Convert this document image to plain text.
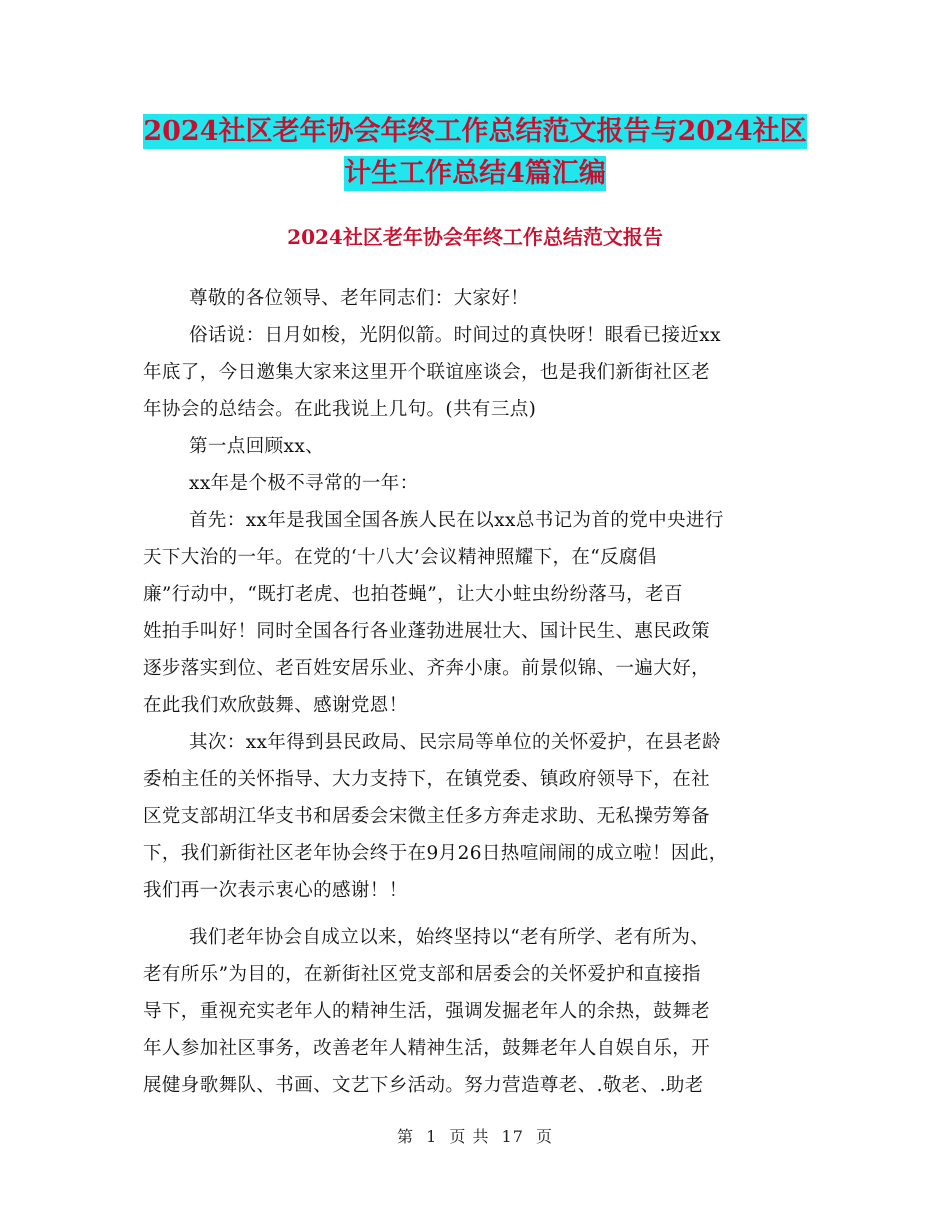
2024社区老年协会年终工作总结范文报告与2024社区
计生工作总结4篇汇编
2024社区老年协会年终工作总结范文报告

尊敬的各位领导、老年同志们：大家好！

俗话说：日月如梭，光阴似箭。时间过的真快呀！眼看已接近xx

年底了，今日邀集大家来这里开个联谊座谈会，也是我们新街社区老

年协会的总结会。在此我说上几句。(共有三点)

第一点回顾xx、

xx年是个极不寻常的一年：

首先：xx年是我国全国各族人民在以xx总书记为首的党中央进行

天下大治的一年。在党的‘十八大’会议精神照耀下，在“反腐倡

廉”行动中，“既打老虎、也拍苍蝇”，让大小蛀虫纷纷落马，老百

姓拍手叫好！同时全国各行各业蓬勃进展壮大、国计民生、惠民政策

逐步落实到位、老百姓安居乐业、齐奔小康。前景似锦、一遍大好，

在此我们欢欣鼓舞、感谢党恩！

其次：xx年得到县民政局、民宗局等单位的关怀爱护，在县老龄

委柏主任的关怀指导、大力支持下，在镇党委、镇政府领导下，在社

区党支部胡江华支书和居委会宋微主任多方奔走求助、无私操劳筹备

下，我们新街社区老年协会终于在9月26日热喧闹闹的成立啦！因此，

我们再一次表示衷心的感谢！！

我们老年协会自成立以来，始终坚持以“老有所学、老有所为、

老有所乐”为目的，在新街社区党支部和居委会的关怀爱护和直接指

导下，重视充实老年人的精神生活，强调发掘老年人的余热，鼓舞老

年人参加社区事务，改善老年人精神生活，鼓舞老年人自娱自乐，开

展健身歌舞队、书画、文艺下乡活动。努力营造尊老、.敬老、.助老

第 1 页 共 17 页
